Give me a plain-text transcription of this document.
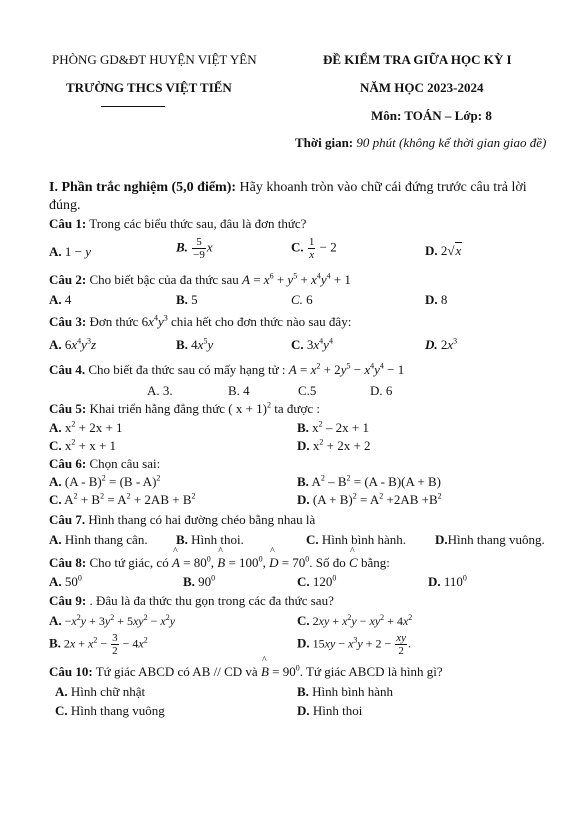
PHÒNG GD&ĐT HUYỆN VIỆT YÊN
TRƯỜNG THCS VIỆT TIẾN
ĐỀ KIỂM TRA GIỮA HỌC KỲ I
NĂM HỌC 2023-2024
Môn: TOÁN – Lớp: 8
Thời gian: 90 phút (không kể thời gian giao đề)
I. Phần trắc nghiệm (5,0 điểm): Hãy khoanh tròn vào chữ cái đứng trước câu trả lời
đúng.
Câu 1: Trong các biểu thức sau, đâu là đơn thức?
A. 1 − y	B. $\frac{5}{-9}$ x	C. $\frac{1}{x} - 2$	D. 2√x
Câu 2: Cho biết bậc của đa thức sau $A = x^6 + y^5 + x^4y^4 + 1$
A. 4	B. 5	C. 6	D. 8
Câu 3: Đơn thức $6x^4y^3$ chia hết cho đơn thức nào sau đây:
A. $6x^4y^3z$	B. $4x^5y$	C. $3x^4y^4$	D. $2x^3$
Câu 4. Cho biết đa thức sau có mấy hạng tử : $A = x^2 + 2y^5 - x^4y^4 - 1$
A. 3.	B. 4	C.5	D. 6
Câu 5: Khai triển hằng đẳng thức ( x + 1)$^2$ ta được :
A. $x^2 + 2x + 1$	B. $x^2 - 2x + 1$
C. $x^2 + x + 1$	D. $x^2 + 2x + 2$
Câu 6: Chọn câu sai:
A. (A - B)$^2$ = (B - A)$^2$	B. $A^2 - B^2 = (A - B)(A + B)$
C. $A^2 + B^2 = A^2 + 2AB + B^2$	D. $(A + B)^2 = A^2 +2AB +B^2$
Câu 7. Hình thang có hai đường chéo bằng nhau là
A. Hình thang cân. B. Hình thoi.	C. Hình bình hành. D.Hình thang vuông.
Câu 8: Cho tứ giác, có ^ $A = 80^0$, ^ $B = 100^0$, ^ $D = 70^0$. Số đo ^ C bằng:
A. $50^0$	B. $90^0$	C. $120^0$	D. $110^0$
Câu 9: . Đâu là đa thức thu gọn trong các đa thức sau?
A. $-x^2y + 3y^2 + 5xy^2 - x^2y$	C. $2xy + x^2y - xy^2 + 4x^2$
B. $2x + x^2 - \frac{3}{2} - 4x^2$	D. $15xy - x^3y + 2 - \frac{xy}{2}$ .
Câu 10: Tứ giác ABCD có AB // CD và ^ $B = 90^0$. Tứ giác ABCD là hình gì?
A. Hình chữ nhật	B. Hình bình hành
C. Hình thang vuông	D. Hình thoi
